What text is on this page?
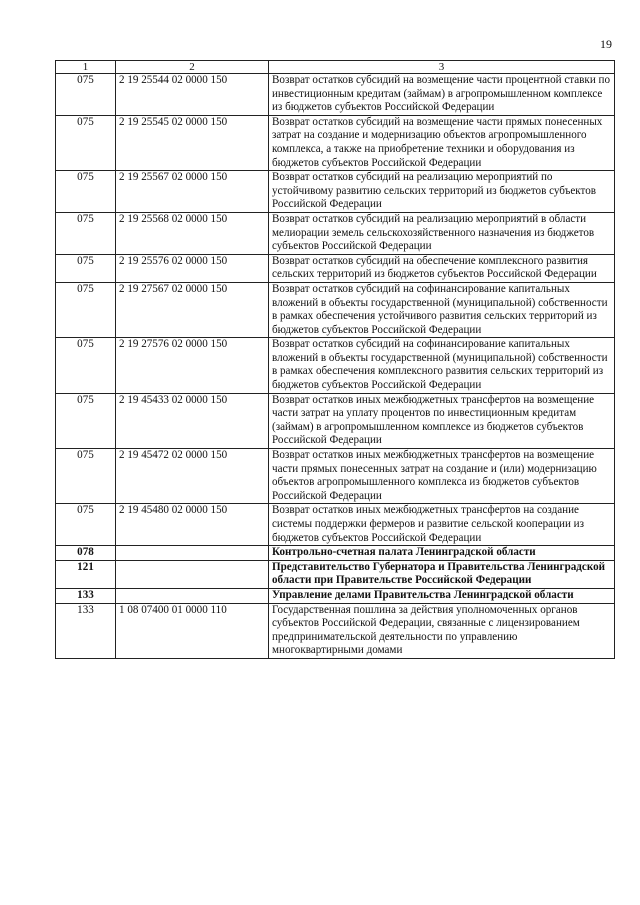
19
1	2	3
075	2 19 25544 02 0000 150	Возврат остатков субсидий на возмещение части процентной ставки по инвестиционным кредитам (займам) в агропромышленном комплексе из бюджетов субъектов Российской Федерации
075	2 19 25545 02 0000 150	Возврат остатков субсидий на возмещение части прямых понесенных затрат на создание и модернизацию объектов агропромышленного комплекса, а также на приобретение техники и оборудования из бюджетов субъектов Российской Федерации
075	2 19 25567 02 0000 150	Возврат остатков субсидий на реализацию мероприятий по устойчивому развитию сельских территорий из бюджетов субъектов Российской Федерации
075	2 19 25568 02 0000 150	Возврат остатков субсидий на реализацию мероприятий в области мелиорации земель сельскохозяйственного назначения из бюджетов субъектов Российской Федерации
075	2 19 25576 02 0000 150	Возврат остатков субсидий на обеспечение комплексного развития сельских территорий из бюджетов субъектов Российской Федерации
075	2 19 27567 02 0000 150	Возврат остатков субсидий на софинансирование капитальных вложений в объекты государственной (муниципальной) собственности в рамках обеспечения устойчивого развития сельских территорий из бюджетов субъектов Российской Федерации
075	2 19 27576 02 0000 150	Возврат остатков субсидий на софинансирование капитальных вложений в объекты государственной (муниципальной) собственности в рамках обеспечения комплексного развития сельских территорий из бюджетов субъектов Российской Федерации
075	2 19 45433 02 0000 150	Возврат остатков иных межбюджетных трансфертов на возмещение части затрат на уплату процентов по инвестиционным кредитам (займам) в агропромышленном комплексе из бюджетов субъектов Российской Федерации
075	2 19 45472 02 0000 150	Возврат остатков иных межбюджетных трансфертов на возмещение части прямых понесенных затрат на создание и (или) модернизацию объектов агропромышленного комплекса из бюджетов субъектов Российской Федерации
075	2 19 45480 02 0000 150	Возврат остатков иных межбюджетных трансфертов на создание системы поддержки фермеров и развитие сельской кооперации из бюджетов субъектов Российской Федерации
078		Контрольно-счетная палата Ленинградской области
121		Представительство Губернатора и Правительства Ленинградской области при Правительстве Российской Федерации
133		Управление делами Правительства Ленинградской области
133	1 08 07400 01 0000 110	Государственная пошлина за действия уполномоченных органов субъектов Российской Федерации, связанные с лицензированием предпринимательской деятельности по управлению многоквартирными домами
